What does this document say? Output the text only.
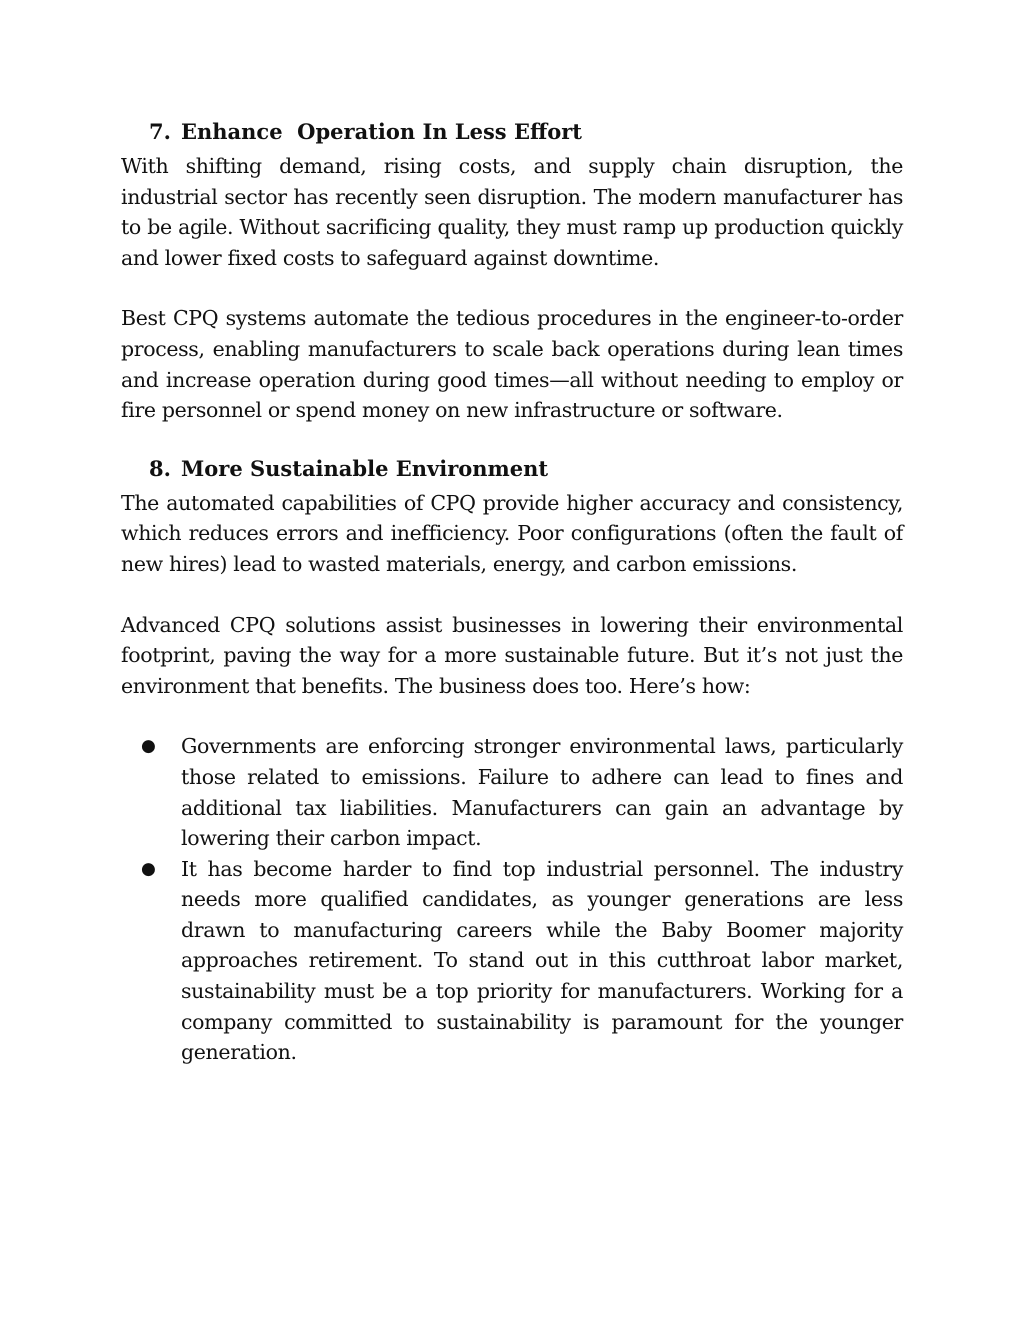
7. Enhance  Operation In Less Effort

With shifting demand, rising costs, and supply chain disruption, the industrial sector has recently seen disruption. The modern manufacturer has to be agile. Without sacrificing quality, they must ramp up production quickly and lower fixed costs to safeguard against downtime.

Best CPQ systems automate the tedious procedures in the engineer-to-order process, enabling manufacturers to scale back operations during lean times and increase operation during good times—all without needing to employ or fire personnel or spend money on new infrastructure or software.

8. More Sustainable Environment

The automated capabilities of CPQ provide higher accuracy and consistency, which reduces errors and inefficiency. Poor configurations (often the fault of new hires) lead to wasted materials, energy, and carbon emissions.

Advanced CPQ solutions assist businesses in lowering their environmental footprint, paving the way for a more sustainable future. But it’s not just the environment that benefits. The business does too. Here’s how:

●	Governments are enforcing stronger environmental laws, particularly those related to emissions. Failure to adhere can lead to fines and additional tax liabilities. Manufacturers can gain an advantage by lowering their carbon impact.

●	It has become harder to find top industrial personnel. The industry needs more qualified candidates, as younger generations are less drawn to manufacturing careers while the Baby Boomer majority approaches retirement. To stand out in this cutthroat labor market, sustainability must be a top priority for manufacturers. Working for a company committed to sustainability is paramount for the younger generation.
